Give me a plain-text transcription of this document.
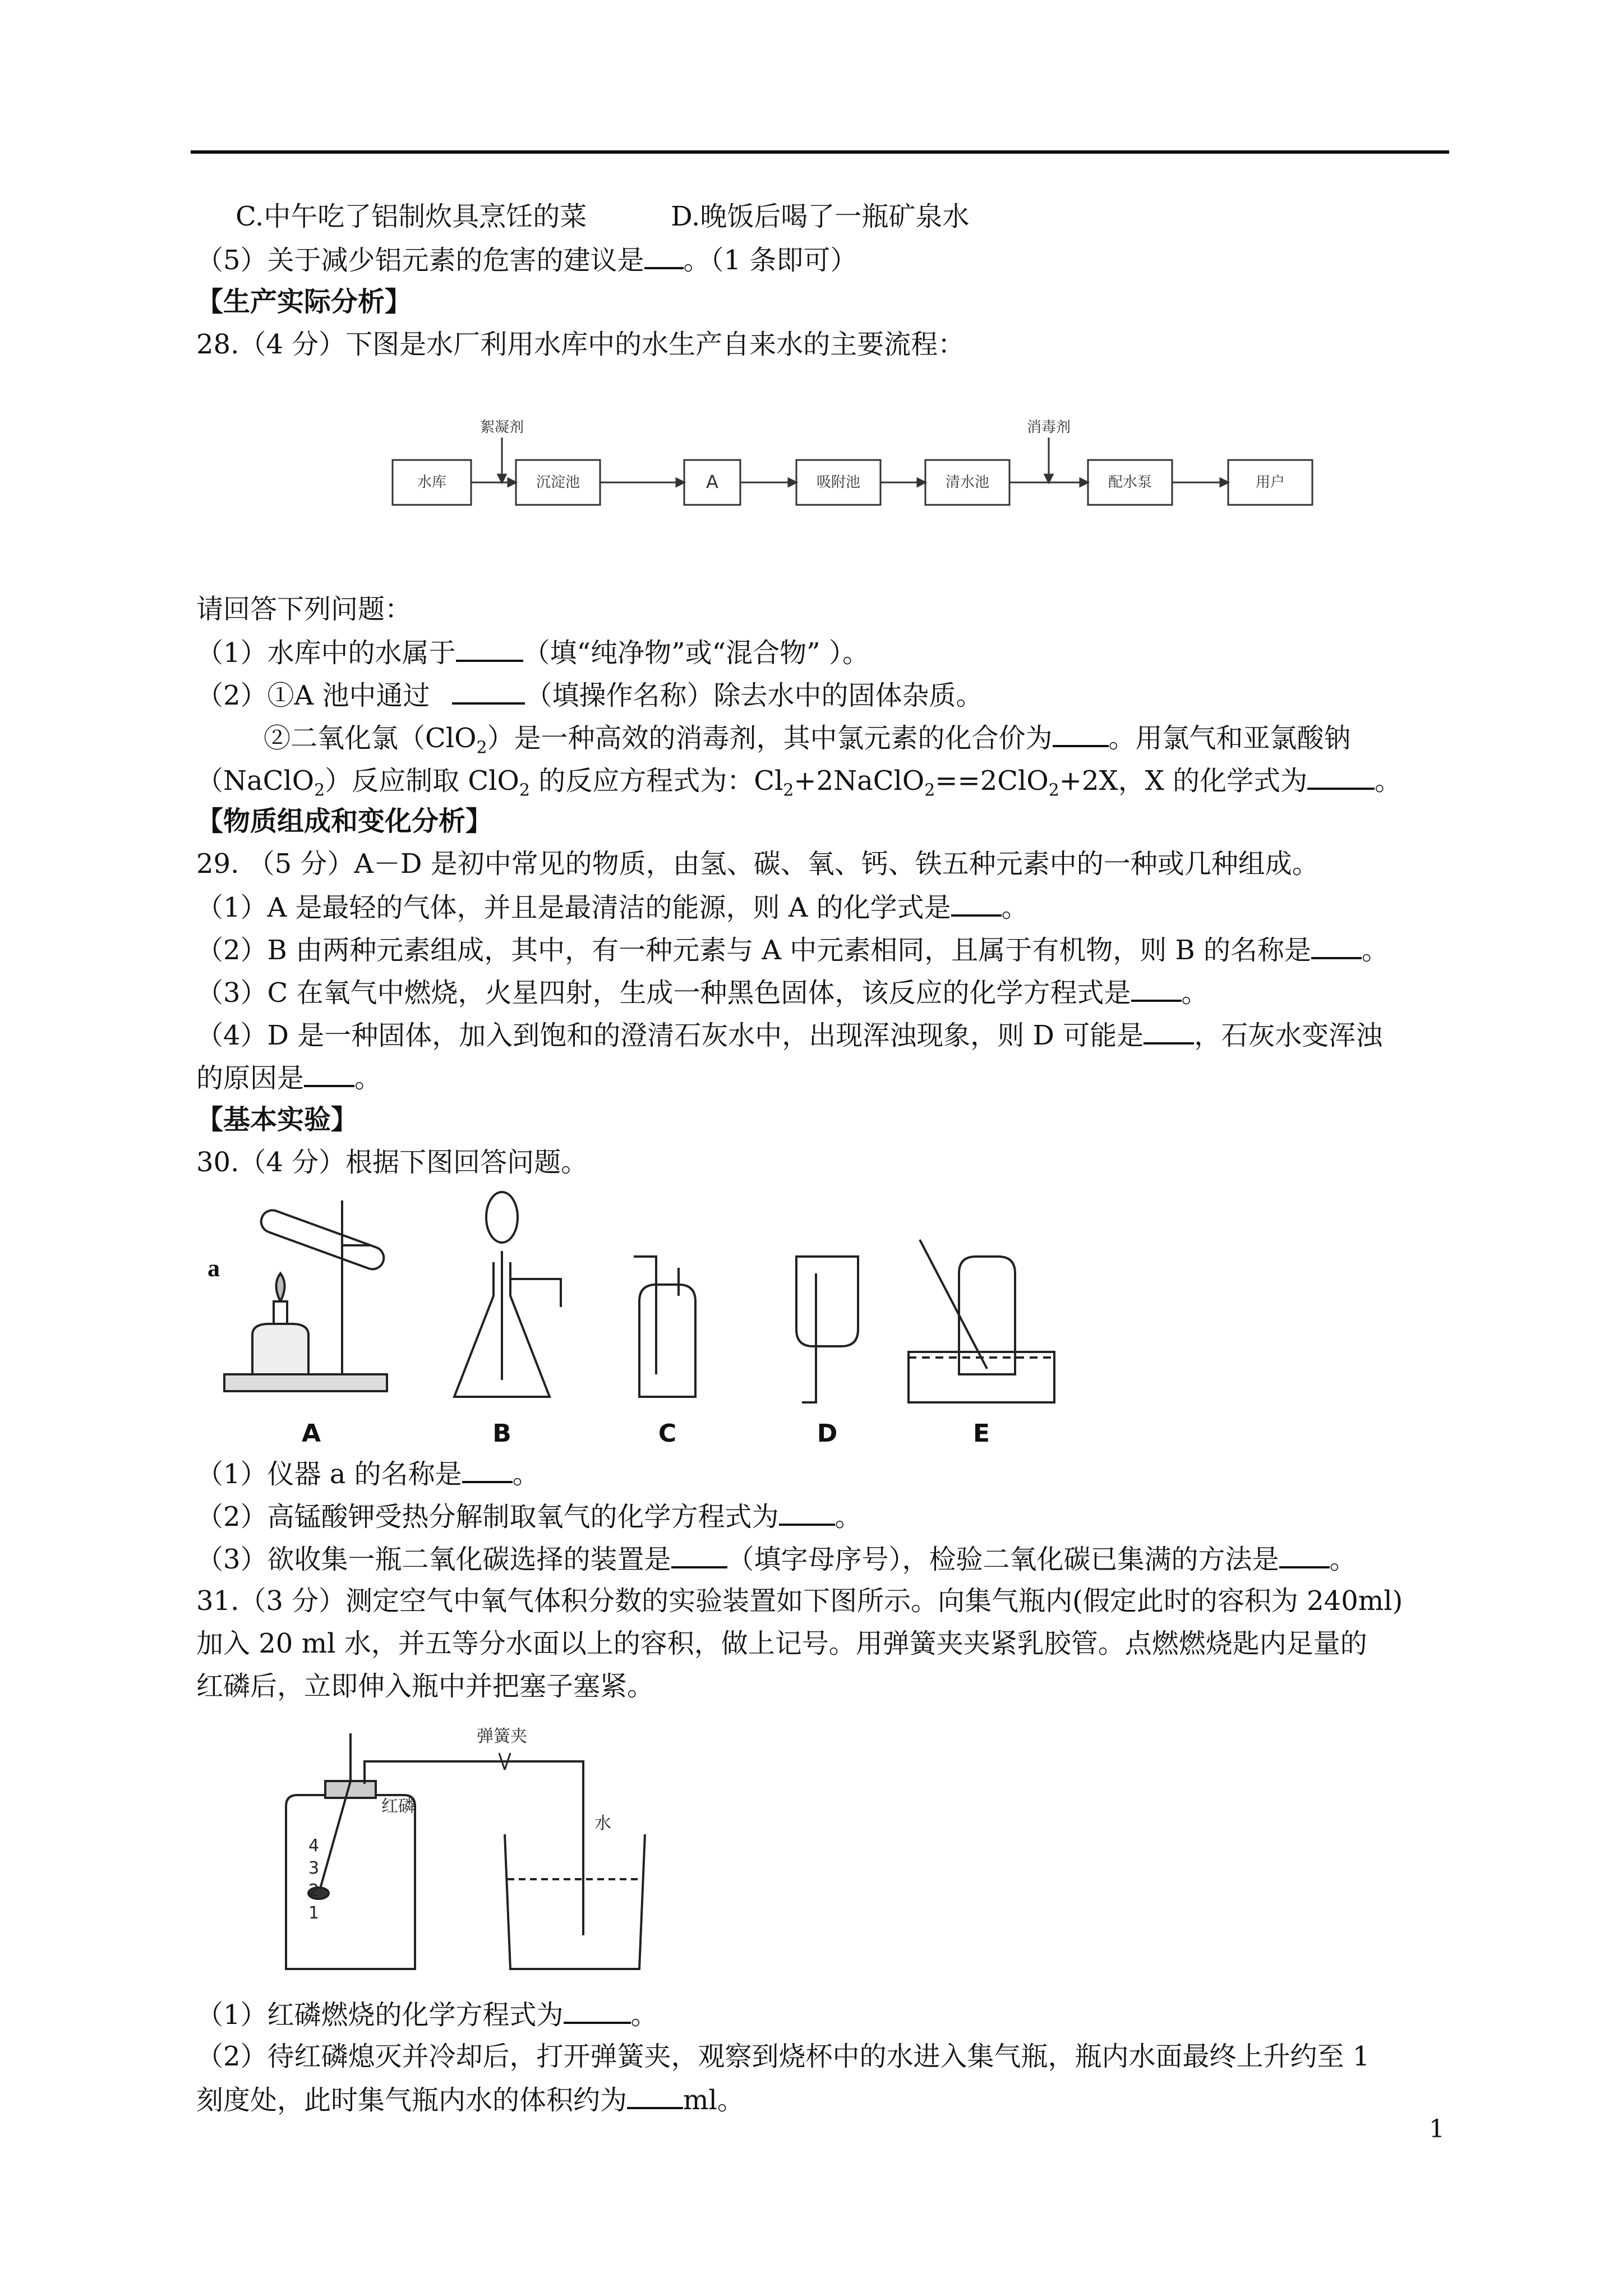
C.中午吃了铝制炊具烹饪的菜	D.晚饭后喝了一瓶矿泉水
（5）关于减少铝元素的危害的建议是 。（1 条即可）
【生产实际分析】
28.（4 分）下图是水厂利用水库中的水生产自来水的主要流程：
水库	沉淀池	A	吸附池	清水池	配水泵	用户
絮凝剂	消毒剂
请回答下列问题：
（1）水库中的水属于	（填“纯净物”或“混合物” ）。
（2）①A 池中通过	（填操作名称）除去水中的固体杂质。
②二氧化氯（ClO$_2$）是一种高效的消毒剂，其中氯元素的化合价为 。用氯气和亚氯酸钠
（NaClO$_2$）反应制取 ClO$_2$ 的反应方程式为：$Cl_2+2NaClO_2==2ClO_2+2X$，X 的化学式为	。
【物质组成和变化分析】
29. （5 分）A－D 是初中常见的物质，由氢、碳、氧、钙、铁五种元素中的一种或几种组成。
（1）A 是最轻的气体，并且是最清洁的能源，则 A 的化学式是 。
（2）B 由两种元素组成，其中，有一种元素与 A 中元素相同，且属于有机物，则 B 的名称是 。
（3）C 在氧气中燃烧，火星四射，生成一种黑色固体，该反应的化学方程式是 。
（4）D 是一种固体，加入到饱和的澄清石灰水中，出现浑浊现象，则 D 可能是 ，石灰水变浑浊
的原因是 。
【基本实验】
30.（4 分）根据下图回答问题。
a
A	B	C	D	E
（1）仪器 a 的名称是 。
（2）高锰酸钾受热分解制取氧气的化学方程式为 。
（3）欲收集一瓶二氧化碳选择的装置是 （填字母序号），检验二氧化碳已集满的方法是 。
31.（3 分）测定空气中氧气体积分数的实验装置如下图所示。向集气瓶内(假定此时的容积为 240ml)
加入 20 ml 水，并五等分水面以上的容积，做上记号。用弹簧夹夹紧乳胶管。点燃燃烧匙内足量的
红磷后，立即伸入瓶中并把塞子塞紧。
弹簧夹
水
红磷
4
3
2
1
（1）红磷燃烧的化学方程式为	。
（2）待红磷熄灭并冷却后，打开弹簧夹，观察到烧杯中的水进入集气瓶，瓶内水面最终上升约至 1
刻度处，此时集气瓶内水的体积约为 ml。
1
